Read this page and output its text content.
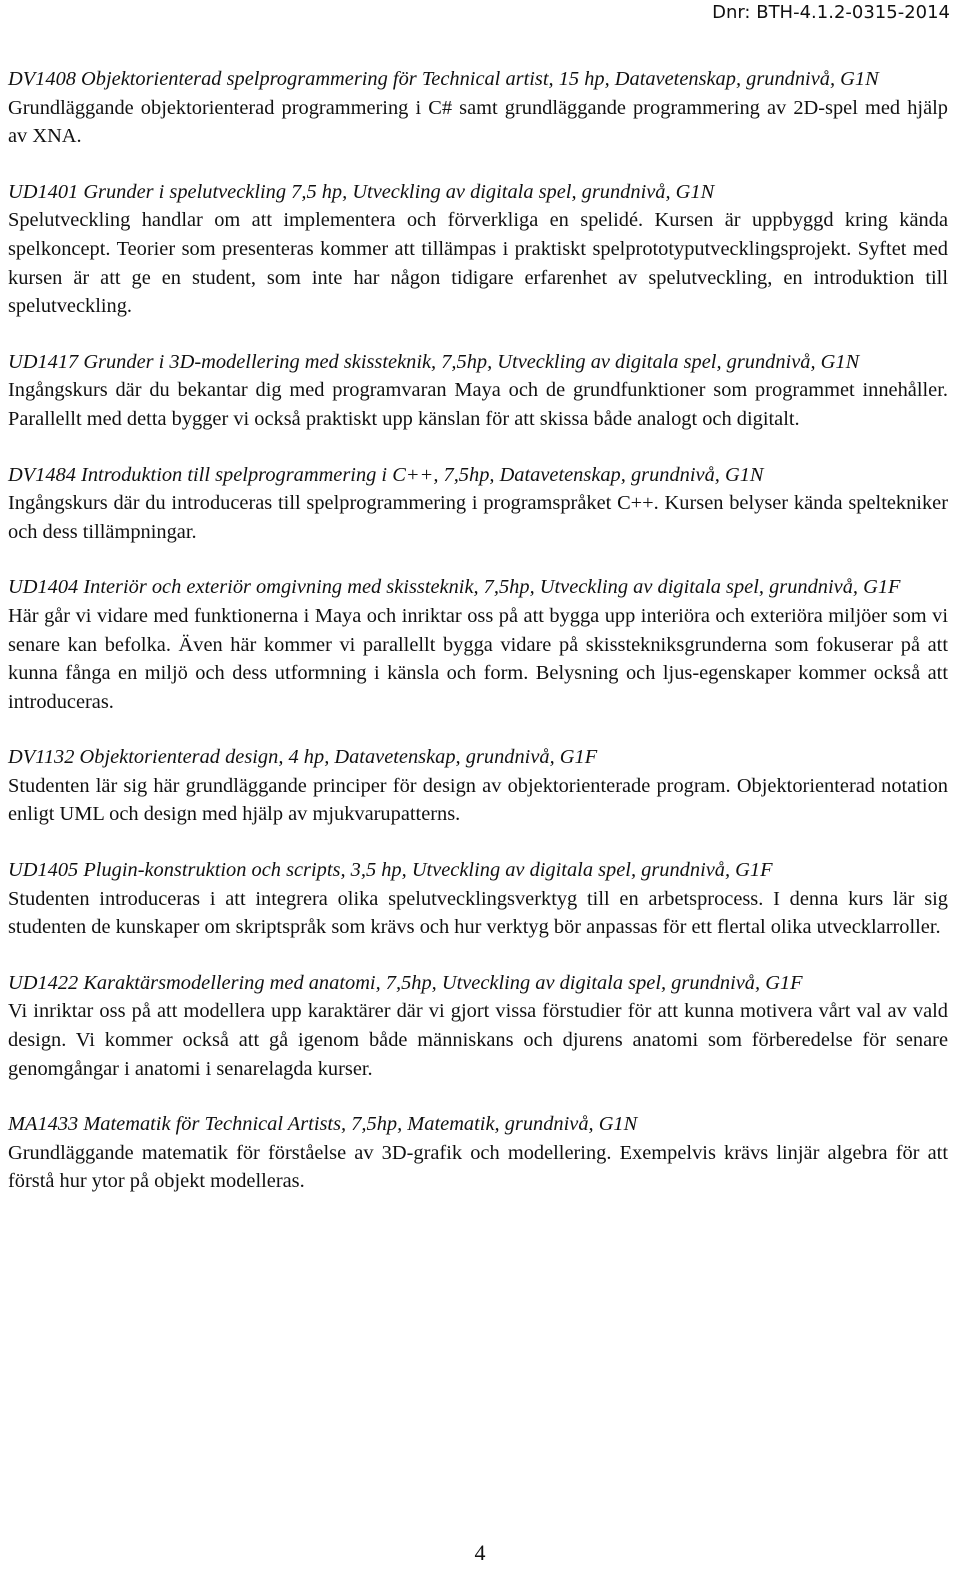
Dnr: BTH-4.1.2-0315-2014

DV1408 Objektorienterad spelprogrammering för Technical artist, 15 hp, Datavetenskap, grundnivå, G1N

Grundläggande objektorienterad programmering i C# samt grundläggande programmering av 2D-spel med hjälp av XNA.

UD1401 Grunder i spelutveckling 7,5 hp, Utveckling av digitala spel, grundnivå, G1N

Spelutveckling handlar om att implementera och förverkliga en spelidé. Kursen är uppbyggd kring kända spelkoncept. Teorier som presenteras kommer att tillämpas i praktiskt spelprototyputvecklingsprojekt. Syftet med kursen är att ge en student, som inte har någon tidigare erfarenhet av spelutveckling, en introduktion till spelutveckling.

UD1417 Grunder i 3D-modellering med skissteknik, 7,5hp, Utveckling av digitala spel, grundnivå, G1N

Ingångskurs där du bekantar dig med programvaran Maya och de grundfunktioner som programmet innehåller. Parallellt med detta bygger vi också praktiskt upp känslan för att skissa både analogt och digitalt.

DV1484 Introduktion till spelprogrammering i C++, 7,5hp, Datavetenskap, grundnivå, G1N

Ingångskurs där du introduceras till spelprogrammering i programspråket C++. Kursen belyser kända speltekniker och dess tillämpningar.

UD1404 Interiör och exteriör omgivning med skissteknik, 7,5hp, Utveckling av digitala spel, grundnivå, G1F

Här går vi vidare med funktionerna i Maya och inriktar oss på att bygga upp interiöra och exteriöra miljöer som vi senare kan befolka. Även här kommer vi parallellt bygga vidare på skisstekniksgrunderna som fokuserar på att kunna fånga en miljö och dess utformning i känsla och form. Belysning och ljus-egenskaper kommer också att introduceras.

DV1132 Objektorienterad design, 4 hp, Datavetenskap, grundnivå, G1F

Studenten lär sig här grundläggande principer för design av objektorienterade program. Objektorienterad notation enligt UML och design med hjälp av mjukvarupatterns.

UD1405 Plugin-konstruktion och scripts, 3,5 hp, Utveckling av digitala spel, grundnivå, G1F

Studenten introduceras i att integrera olika spelutvecklingsverktyg till en arbetsprocess. I denna kurs lär sig studenten de kunskaper om skriptspråk som krävs och hur verktyg bör anpassas för ett flertal olika utvecklarroller.

UD1422 Karaktärsmodellering med anatomi, 7,5hp, Utveckling av digitala spel, grundnivå, G1F

Vi inriktar oss på att modellera upp karaktärer där vi gjort vissa förstudier för att kunna motivera vårt val av vald design. Vi kommer också att gå igenom både människans och djurens anatomi som förberedelse för senare genomgångar i anatomi i senarelagda kurser.

MA1433 Matematik för Technical Artists, 7,5hp, Matematik, grundnivå, G1N

Grundläggande matematik för förståelse av 3D-grafik och modellering. Exempelvis krävs linjär algebra för att förstå hur ytor på objekt modelleras.

4
